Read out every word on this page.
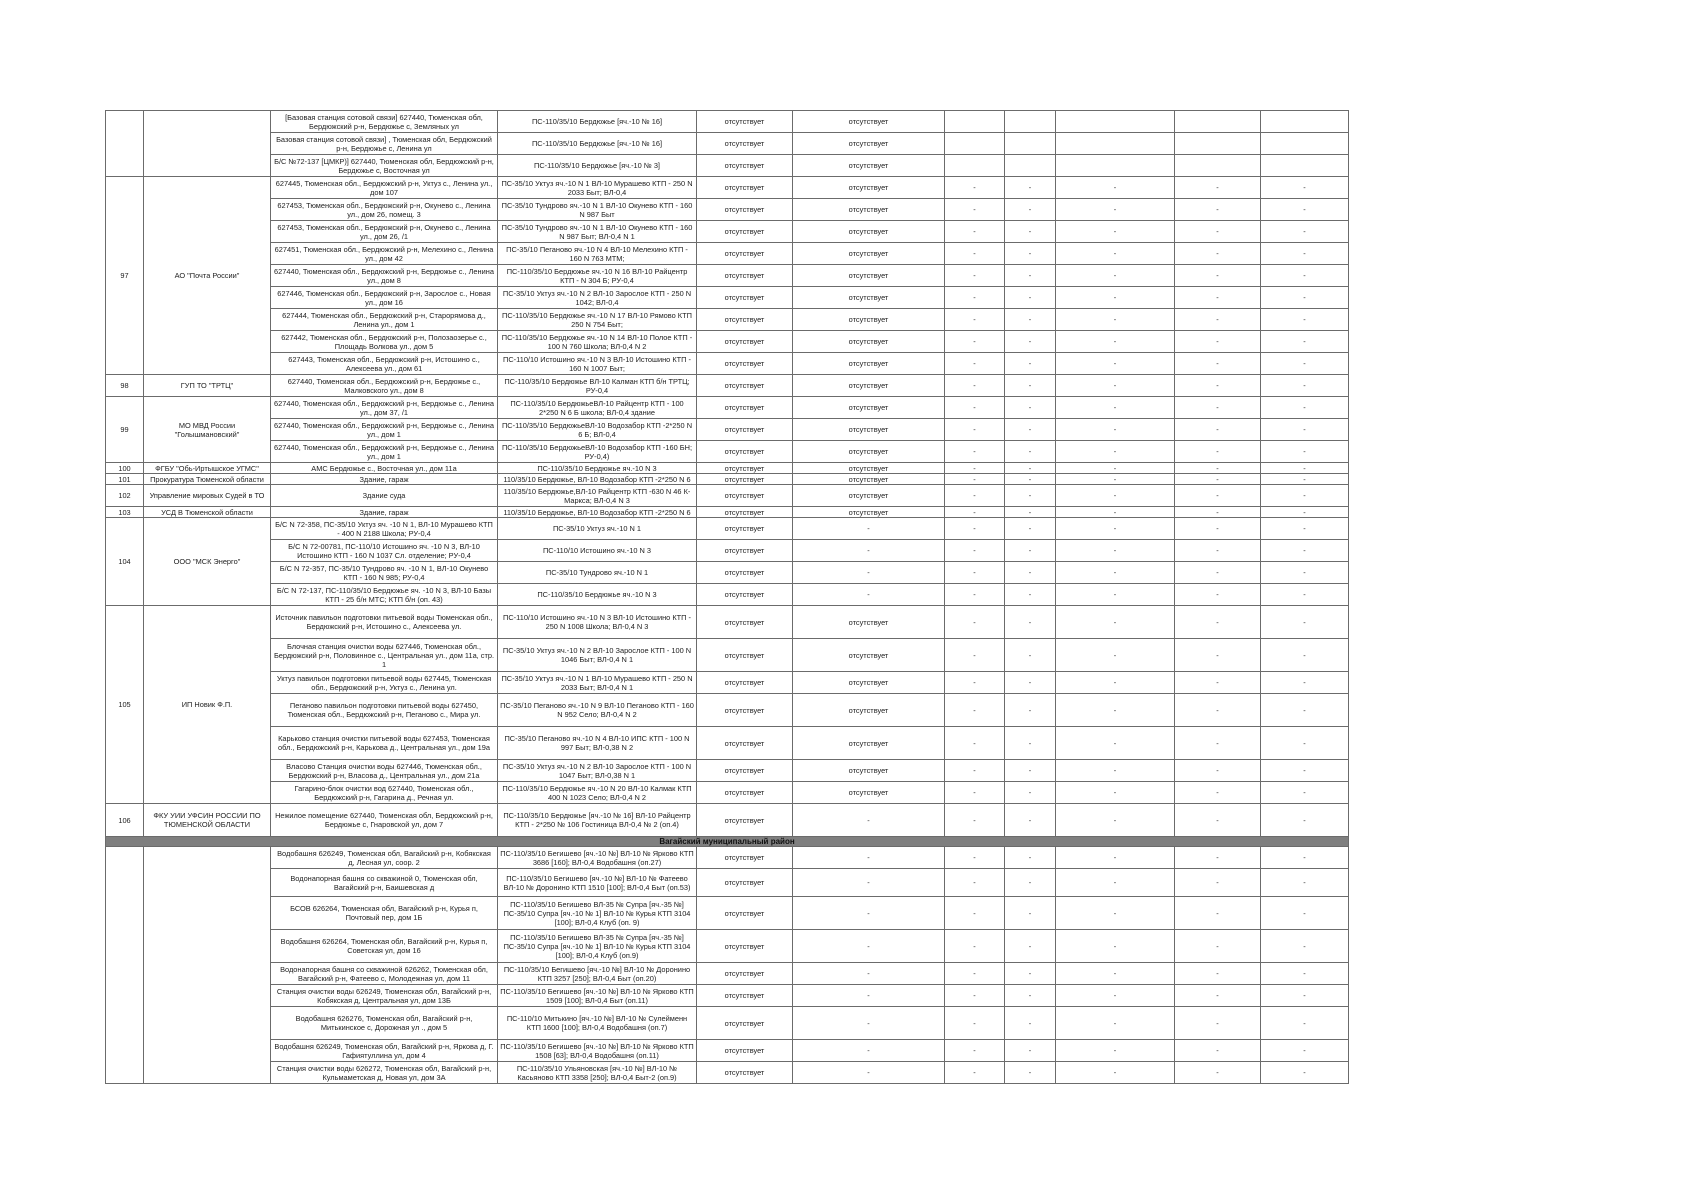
		[Базовая станция сотовой связи] 627440, Тюменская обл, Бердюжский р-н, Бердюжье с, Земляных ул	ПС-110/35/10 Бердюжье [яч.-10 № 16]	отсутствует	отсутствует					
		Базовая станция сотовой связи] , Тюменская обл, Бердюжский р-н, Бердюжье с, Ленина ул	ПС-110/35/10 Бердюжье [яч.-10 № 16]	отсутствует	отсутствует					
		Б/С №72-137 [ЦМКР)] 627440, Тюменская обл, Бердюжский р-н, Бердюжье с, Восточная ул	ПС-110/35/10 Бердюжье [яч.-10 № 3]	отсутствует	отсутствует					
97	АО "Почта России"	627445, Тюменская обл., Бердюжский р-н, Уктуз с., Ленина ул., дом 107	ПС-35/10 Уктуз яч.-10 N 1 ВЛ-10 Мурашево КТП - 250 N 2033 Быт; ВЛ-0,4	отсутствует	отсутствует	-	-	-	-	-
		627453, Тюменская обл., Бердюжский р-н, Окунево с., Ленина ул., дом 26, помещ. 3	ПС-35/10 Тундрово яч.-10 N 1 ВЛ-10 Окунево КТП - 160 N 987 Быт	отсутствует	отсутствует	-	-	-	-	-
		627453, Тюменская обл., Бердюжский р-н, Окунево с., Ленина ул., дом 26, /1	ПС-35/10 Тундрово яч.-10 N 1 ВЛ-10 Окунево КТП - 160 N 987 Быт; ВЛ-0,4 N 1	отсутствует	отсутствует	-	-	-	-	-
		627451, Тюменская обл., Бердюжский р-н, Мелехино с., Ленина ул., дом 42	ПС-35/10 Пеганово яч.-10 N 4 ВЛ-10 Мелехино КТП - 160 N 763 МТМ;	отсутствует	отсутствует	-	-	-	-	-
		627440, Тюменская обл., Бердюжский р-н, Бердюжье с., Ленина ул., дом 8	ПС-110/35/10 Бердюжье яч.-10 N 16 ВЛ-10 Райцентр КТП - N 304 Б; РУ-0,4	отсутствует	отсутствует	-	-	-	-	-
		627446, Тюменская обл., Бердюжский р-н, Зарослое с., Новая ул., дом 16	ПС-35/10 Уктуз яч.-10 N 2 ВЛ-10 Зарослое КТП - 250 N 1042; ВЛ-0,4	отсутствует	отсутствует	-	-	-	-	-
		627444, Тюменская обл., Бердюжский р-н, Старорямова д., Ленина ул., дом 1	ПС-110/35/10 Бердюжье яч.-10 N 17 ВЛ-10 Рямово КТП 250 N 754 Быт;	отсутствует	отсутствует	-	-	-	-	-
		627442, Тюменская обл., Бердюжский р-н, Полозаозерье с., Площадь Волкова ул., дом 5	ПС-110/35/10 Бердюжье яч.-10 N 14 ВЛ-10 Полое КТП - 100 N 760 Школа; ВЛ-0,4 N 2	отсутствует	отсутствует	-	-	-	-	-
		627443, Тюменская обл., Бердюжский р-н, Истошино с., Алексеева ул., дом 61	ПС-110/10 Истошино яч.-10 N 3 ВЛ-10 Истошино КТП - 160 N 1007 Быт;	отсутствует	отсутствует	-	-	-	-	-
98	ГУП ТО "ТРТЦ"	627440, Тюменская обл., Бердюжский р-н, Бердюжье с., Малковского ул., дом 8	ПС-110/35/10 Бердюжье ВЛ-10 Калман КТП б/н ТРТЦ; РУ-0,4	отсутствует	отсутствует	-	-	-	-	-
99	МО МВД России "Голышмановский"	627440, Тюменская обл., Бердюжский р-н, Бердюжье с., Ленина ул., дом 37, /1	ПС-110/35/10 БердюжьеВЛ-10 Райцентр КТП - 100 2*250 N 6 Б школа; ВЛ-0,4 здание	отсутствует	отсутствует	-	-	-	-	-
		627440, Тюменская обл., Бердюжский р-н, Бердюжье с., Ленина ул., дом 1	ПС-110/35/10 БердюжьеВЛ-10 Водозабор КТП -2*250 N 6 Б; ВЛ-0,4	отсутствует	отсутствует	-	-	-	-	-
		627440, Тюменская обл., Бердюжский р-н, Бердюжье с., Ленина ул., дом 1	ПС-110/35/10 БердюжьеВЛ-10 Водозабор КТП -160 БН; РУ-0,4)	отсутствует	отсутствует	-	-	-	-	-
100	ФГБУ "Обь-Иртышское УГМС"	АМС Бердюжье с., Восточная ул., дом 11а	ПС-110/35/10 Бердюжье яч.-10 N 3	отсутствует	отсутствует	-	-	-	-	-
101	Прокуратура Тюменской области	Здание, гараж	110/35/10 Бердюжье, ВЛ-10 Водозабор КТП -2*250 N 6	отсутствует	отсутствует	-	-	-	-	-
102	Управление мировых Судей в ТО	Здание суда	110/35/10 Бердюжье,ВЛ-10 Райцентр КТП -630 N 46 К-Маркса; ВЛ-0,4 N 3	отсутствует	отсутствует	-	-	-	-	-
103	УСД В Тюменской области	Здание, гараж	110/35/10 Бердюжье, ВЛ-10 Водозабор КТП -2*250 N 6	отсутствует	отсутствует	-	-	-	-	-
104	ООО "МСК Энерго"	Б/С N 72-358, ПС-35/10 Уктуз яч. -10 N 1, ВЛ-10 Мурашево КТП - 400 N 2188 Школа; РУ-0,4	ПС-35/10 Уктуз яч.-10 N 1	отсутствует	-	-	-	-	-	-
		Б/С N 72-00781, ПС-110/10 Истошино яч. -10 N 3, ВЛ-10 Истошино КТП - 160 N 1037 Сл. отделение; РУ-0,4	ПС-110/10 Истошино яч.-10 N 3	отсутствует	-	-	-	-	-	-
		Б/С N 72-357, ПС-35/10 Тундрово яч. -10 N 1, ВЛ-10 Окунево КТП - 160 N 985; РУ-0,4	ПС-35/10 Тундрово яч.-10 N 1	отсутствует	-	-	-	-	-	-
		Б/С N 72-137, ПС-110/35/10 Бердюжье яч. -10 N 3, ВЛ-10 Базы КТП - 25 б/н МТС; КТП б/н (оп. 43)	ПС-110/35/10 Бердюжье яч.-10 N 3	отсутствует	-	-	-	-	-	-
105	ИП Новик Ф.П.	Источник павильон подготовки питьевой воды Тюменская обл., Бердюжский р-н, Истошино с., Алексеева ул.	ПС-110/10 Истошино яч.-10 N 3 ВЛ-10 Истошино КТП - 250 N 1008 Школа; ВЛ-0,4 N 3	отсутствует	отсутствует	-	-	-	-	-
		Блочная станция очистки воды 627446, Тюменская обл., Бердюжский р-н, Половинное с., Центральная ул., дом 11а, стр. 1	ПС-35/10 Уктуз яч.-10 N 2 ВЛ-10 Зарослое КТП - 100 N 1046 Быт; ВЛ-0,4 N 1	отсутствует	отсутствует	-	-	-	-	-
		Уктуз павильон подготовки питьевой воды 627445, Тюменская обл., Бердюжский р-н, Уктуз с., Ленина ул.	ПС-35/10 Уктуз яч.-10 N 1 ВЛ-10 Мурашево КТП - 250 N 2033 Быт; ВЛ-0,4 N 1	отсутствует	отсутствует	-	-	-	-	-
		Пеганово павильон подготовки питьевой воды 627450, Тюменская обл., Бердюжский р-н, Пеганово с., Мира ул.	ПС-35/10 Пеганово яч.-10 N 9 ВЛ-10 Пеганово КТП - 160 N 952 Село; ВЛ-0,4 N 2	отсутствует	отсутствует	-	-	-	-	-
		Карьково станция очистки питьевой воды 627453, Тюменская обл., Бердюжский р-н, Карькова д., Центральная ул., дом 19а	ПС-35/10 Пеганово яч.-10 N 4 ВЛ-10 ИПС КТП - 100 N 997 Быт; ВЛ-0,38 N 2	отсутствует	отсутствует	-	-	-	-	-
		Власово Станция очистки воды 627446, Тюменская обл., Бердюжский р-н, Власова д., Центральная ул., дом 21а	ПС-35/10 Уктуз яч.-10 N 2 ВЛ-10 Зарослое КТП - 100 N 1047 Быт; ВЛ-0,38 N 1	отсутствует	отсутствует	-	-	-	-	-
		Гагарино-блок очистки вод 627440, Тюменская обл., Бердюжский р-н, Гагарина д., Речная ул.	ПС-110/35/10 Бердюжье яч.-10 N 20 ВЛ-10 Калмак КТП 400 N 1023 Село; ВЛ-0,4 N 2	отсутствует	отсутствует	-	-	-	-	-
106	ФКУ УИИ УФСИН РОССИИ ПО ТЮМЕНСКОЙ ОБЛАСТИ	Нежилое помещение 627440, Тюменская обл, Бердюжский р-н, Бердюжье с, Гнаровской ул, дом 7	ПС-110/35/10 Бердюжье [яч.-10 № 16] ВЛ-10 Райцентр КТП - 2*250 № 106 Гостиница ВЛ-0,4 № 2 (оп.4)	отсутствует	-	-	-	-	-	-
Вагайский муниципальный район										
		Водобашня 626249, Тюменская обл, Вагайский р-н, Кобякская д, Лесная ул, соор. 2	ПС-110/35/10 Бегишево [яч.-10 №] ВЛ-10 № Ярково КТП 3686 [160]; ВЛ-0,4 Водобашня (оп.27)	отсутствует	-	-	-	-	-	-
		Водонапорная башня со скважиной 0, Тюменская обл, Вагайский р-н, Баишевская д	ПС-110/35/10 Бегишево [яч.-10 №] ВЛ-10 № Фатеево ВЛ-10 № Доронино КТП 1510 [100]; ВЛ-0,4 Быт (оп.53)	отсутствует	-	-	-	-	-	-
		БСОВ 626264, Тюменская обл, Вагайский р-н, Курья п, Почтовый пер, дом 1Б	ПС-110/35/10 Бегишево ВЛ-35 № Супра [яч.-35 №] ПС-35/10 Супра [яч.-10 № 1] ВЛ-10 № Курья КТП 3104 [100]; ВЛ-0,4 Клуб (оп. 9)	отсутствует	-	-	-	-	-	-
		Водобашня 626264, Тюменская обл, Вагайский р-н, Курья п, Советская ул, дом 16	ПС-110/35/10 Бегишево ВЛ-35 № Супра [яч.-35 №] ПС-35/10 Супра [яч.-10 № 1] ВЛ-10 № Курья КТП 3104 [100]; ВЛ-0,4 Клуб (оп.9)	отсутствует	-	-	-	-	-	-
		Водонапорная башня со скважиной 626262, Тюменская обл, Вагайский р-н, Фатеево с, Молодежная ул, дом 11	ПС-110/35/10 Бегишево [яч.-10 №] ВЛ-10 № Доронино КТП 3257 [250]; ВЛ-0,4 Быт (оп.20)	отсутствует	-	-	-	-	-	-
		Станция очистки воды 626249, Тюменская обл, Вагайский р-н, Кобякская д, Центральная ул, дом 13Б	ПС-110/35/10 Бегишево [яч.-10 №] ВЛ-10 № Ярково КТП 1509 [100]; ВЛ-0,4 Быт (оп.11)	отсутствует	-	-	-	-	-	-
		Водобашня 626276, Тюменская обл, Вагайский р-н, Митькинское с, Дорожная ул ., дом 5	ПС-110/10 Митькино [яч.-10 №] ВЛ-10 № Сулейменн КТП 1600 [100]; ВЛ-0,4 Водобашня (оп.7)	отсутствует	-	-	-	-	-	-
		Водобашня 626249, Тюменская обл, Вагайский р-н, Яркова д, Г. Гафиятуллина ул, дом 4	ПС-110/35/10 Бегишево [яч.-10 №] ВЛ-10 № Ярково КТП 1508 [63]; ВЛ-0,4 Водобашня (оп.11)	отсутствует	-	-	-	-	-	-
		Станция очистки воды 626272, Тюменская обл, Вагайский р-н, Кульмаметская д, Новая ул, дом 3А	ПС-110/35/10 Ульяновская [яч.-10 №] ВЛ-10 № Касьяново КТП 3358 [250]; ВЛ-0,4 Быт-2 (оп.9)	отсутствует	-	-	-	-	-	-
